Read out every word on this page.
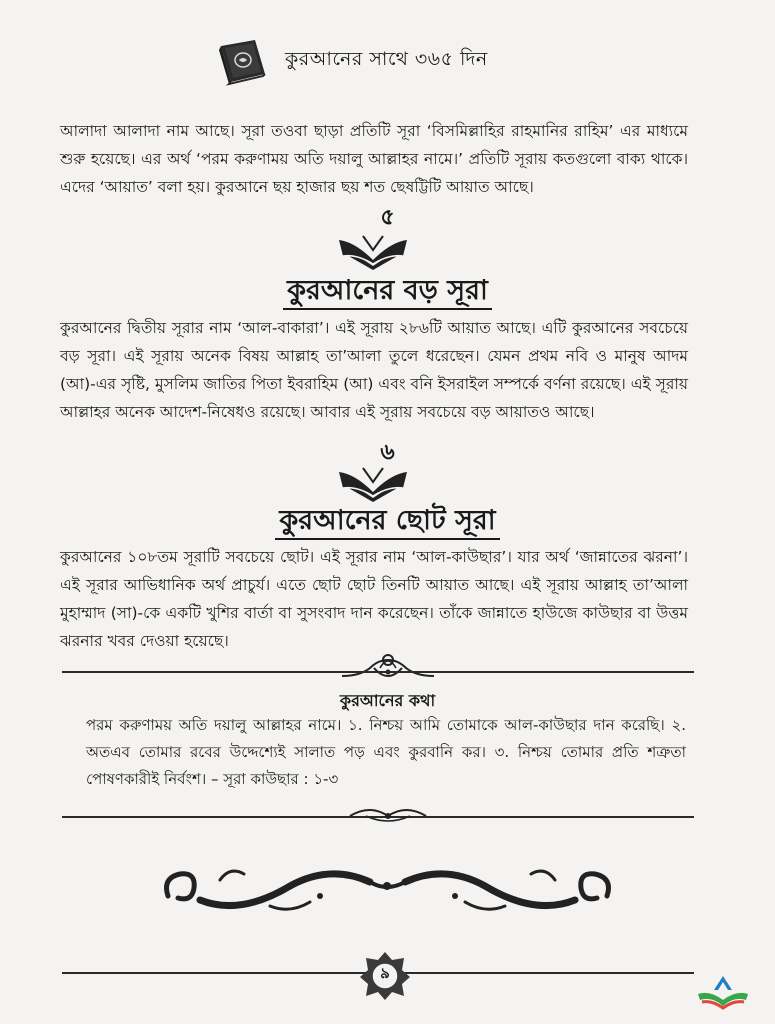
কুরআনের সাথে ৩৬৫ দিন
আলাদা আলাদা নাম আছে। সূরা তওবা ছাড়া প্রতিটি সূরা ‘বিসমিল্লাহির রাহমানির রাহিম’ এর মাধ্যমে শুরু হয়েছে। এর অর্থ ‘পরম করুণাময় অতি দয়ালু আল্লাহর নামে।’ প্রতিটি সূরায় কতগুলো বাক্য থাকে। এদের ‘আয়াত’ বলা হয়। কুরআনে ছয় হাজার ছয় শত ছেষট্টিটি আয়াত আছে।
৫
কুরআনের বড় সূরা
কুরআনের দ্বিতীয় সূরার নাম ‘আল-বাকারা’। এই সূরায় ২৮৬টি আয়াত আছে। এটি কুরআনের সবচেয়ে বড় সূরা। এই সূরায় অনেক বিষয় আল্লাহ তা’আলা তুলে ধরেছেন। যেমন প্রথম নবি ও মানুষ আদম (আ)-এর সৃষ্টি, মুসলিম জাতির পিতা ইবরাহিম (আ) এবং বনি ইসরাইল সম্পর্কে বর্ণনা রয়েছে। এই সূরায় আল্লাহর অনেক আদেশ-নিষেধও রয়েছে। আবার এই সূরায় সবচেয়ে বড় আয়াতও আছে।
৬
কুরআনের ছোট সূরা
কুরআনের ১০৮তম সূরাটি সবচেয়ে ছোট। এই সূরার নাম ‘আল-কাউছার’। যার অর্থ ‘জান্নাতের ঝরনা’। এই সূরার আভিধানিক অর্থ প্রাচুর্য। এতে ছোট ছোট তিনটি আয়াত আছে। এই সূরায় আল্লাহ তা’আলা মুহাম্মাদ (সা)-কে একটি খুশির বার্তা বা সুসংবাদ দান করেছেন। তাঁকে জান্নাতে হাউজে কাউছার বা উত্তম ঝরনার খবর দেওয়া হয়েছে।
কুরআনের কথা
পরম করুণাময় অতি দয়ালু আল্লাহর নামে। ১. নিশ্চয় আমি তোমাকে আল-কাউছার দান করেছি। ২. অতএব তোমার রবের উদ্দেশ্যেই সালাত পড় এবং কুরবানি কর। ৩. নিশ্চয় তোমার প্রতি শত্রুতা পোষণকারীই নির্বংশ। – সূরা কাউছার : ১-৩
৯
